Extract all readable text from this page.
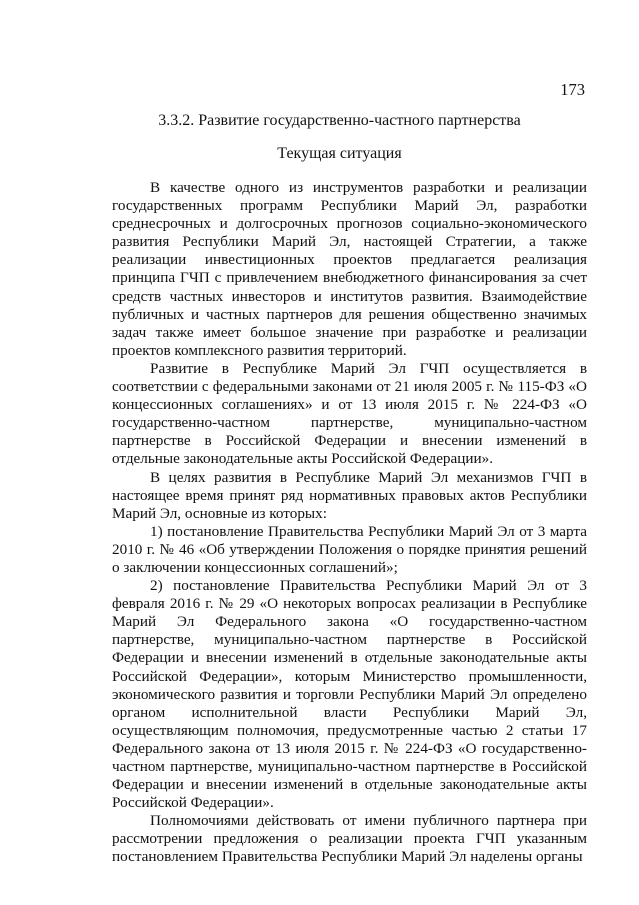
173
3.3.2. Развитие государственно-частного партнерства
Текущая ситуация

В качестве одного из инструментов разработки и реализации государственных программ Республики Марий Эл, разработки среднесрочных и долгосрочных прогнозов социально-экономического развития Республики Марий Эл, настоящей Стратегии, а также реализации инвестиционных проектов предлагается реализация принципа ГЧП с привлечением внебюджетного финансирования за счет средств частных инвесторов и институтов развития. Взаимодействие публичных и частных партнеров для решения общественно значимых задач также имеет большое значение при разработке и реализации проектов комплексного развития территорий.

Развитие в Республике Марий Эл ГЧП осуществляется в соответствии с федеральными законами от 21 июля 2005 г. № 115-ФЗ «О концессионных соглашениях» и от 13 июля 2015 г. № 224-ФЗ «О государственно-частном партнерстве, муниципально-частном партнерстве в Российской Федерации и внесении изменений в отдельные законодательные акты Российской Федерации».

В целях развития в Республике Марий Эл механизмов ГЧП в настоящее время принят ряд нормативных правовых актов Республики Марий Эл, основные из которых:

1) постановление Правительства Республики Марий Эл от 3 марта 2010 г. № 46 «Об утверждении Положения о порядке принятия решений о заключении концессионных соглашений»;

2) постановление Правительства Республики Марий Эл от 3 февраля 2016 г. № 29 «О некоторых вопросах реализации в Республике Марий Эл Федерального закона «О государственно-частном партнерстве, муниципально-частном партнерстве в Российской Федерации и внесении изменений в отдельные законодательные акты Российской Федерации», которым Министерство промышленности, экономического развития и торговли Республики Марий Эл определено органом исполнительной власти Республики Марий Эл, осуществляющим полномочия, предусмотренные частью 2 статьи 17 Федерального закона от 13 июля 2015 г. № 224-ФЗ «О государственно-частном партнерстве, муниципально-частном партнерстве в Российской Федерации и внесении изменений в отдельные законодательные акты Российской Федерации».

Полномочиями действовать от имени публичного партнера при рассмотрении предложения о реализации проекта ГЧП указанным постановлением Правительства Республики Марий Эл наделены органы
